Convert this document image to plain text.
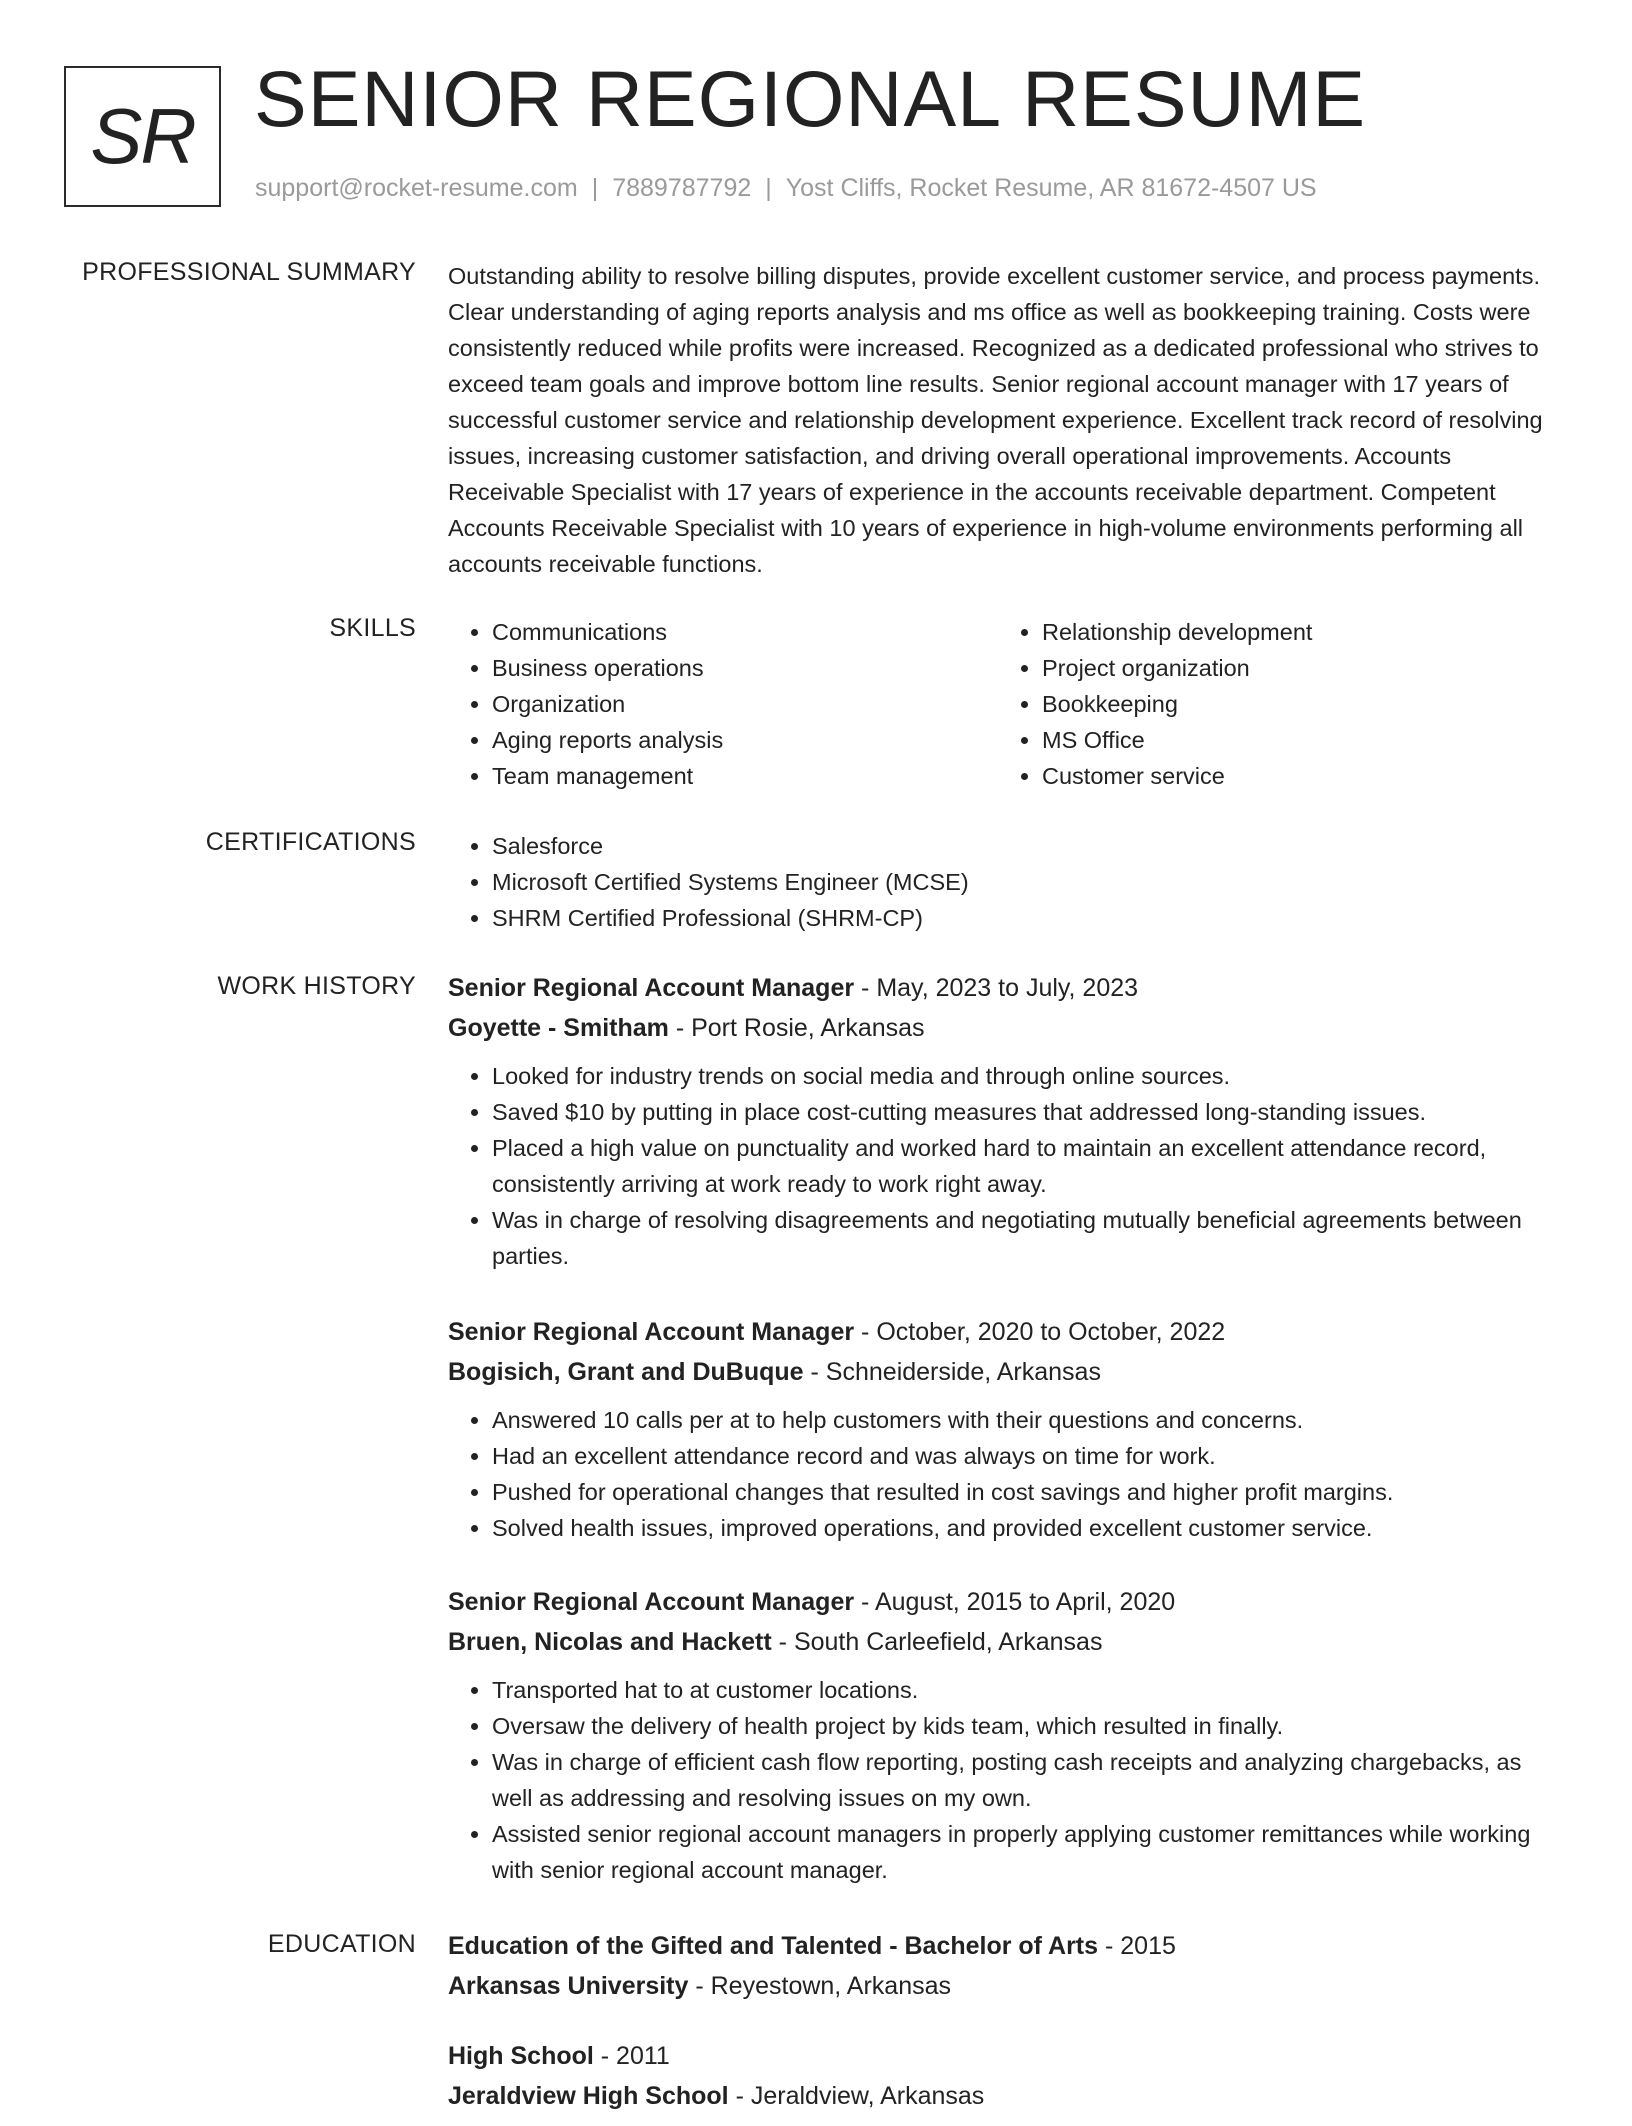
SR SENIOR REGIONAL RESUME
support@rocket-resume.com | 7889787792 | Yost Cliffs, Rocket Resume, AR 81672-4507 US
PROFESSIONAL SUMMARY Outstanding ability to resolve billing disputes, provide excellent customer service, and process payments. Clear understanding of aging reports analysis and ms office as well as bookkeeping training. Costs were consistently reduced while profits were increased. Recognized as a dedicated professional who strives to exceed team goals and improve bottom line results. Senior regional account manager with 17 years of successful customer service and relationship development experience. Excellent track record of resolving issues, increasing customer satisfaction, and driving overall operational improvements. Accounts Receivable Specialist with 17 years of experience in the accounts receivable department. Competent Accounts Receivable Specialist with 10 years of experience in high-volume environments performing all accounts receivable functions.

SKILLS	• Communications
• Business operations
• Organization
• Aging reports analysis
• Team management
• Relationship development
• Project organization
• Bookkeeping
• MS Office
• Customer service
CERTIFICATIONS	• Salesforce
• Microsoft Certified Systems Engineer (MCSE)
• SHRM Certified Professional (SHRM-CP)
WORK HISTORY Senior Regional Account Manager - May, 2023 to July, 2023
Goyette - Smitham - Port Rosie, Arkansas
• Looked for industry trends on social media and through online sources.
• Saved $10 by putting in place cost-cutting measures that addressed long-standing issues.
• Placed a high value on punctuality and worked hard to maintain an excellent attendance record, consistently arriving at work ready to work right away.
• Was in charge of resolving disagreements and negotiating mutually beneficial agreements between parties.
Senior Regional Account Manager - October, 2020 to October, 2022
Bogisich, Grant and DuBuque - Schneiderside, Arkansas
• Answered 10 calls per at to help customers with their questions and concerns.
• Had an excellent attendance record and was always on time for work.
• Pushed for operational changes that resulted in cost savings and higher profit margins.
• Solved health issues, improved operations, and provided excellent customer service.
Senior Regional Account Manager - August, 2015 to April, 2020
Bruen, Nicolas and Hackett - South Carleefield, Arkansas
• Transported hat to at customer locations.
• Oversaw the delivery of health project by kids team, which resulted in finally.
• Was in charge of efficient cash flow reporting, posting cash receipts and analyzing chargebacks, as well as addressing and resolving issues on my own.
• Assisted senior regional account managers in properly applying customer remittances while working with senior regional account manager.
EDUCATION Education of the Gifted and Talented - Bachelor of Arts - 2015
Arkansas University - Reyestown, Arkansas
High School - 2011
Jeraldview High School - Jeraldview, Arkansas
